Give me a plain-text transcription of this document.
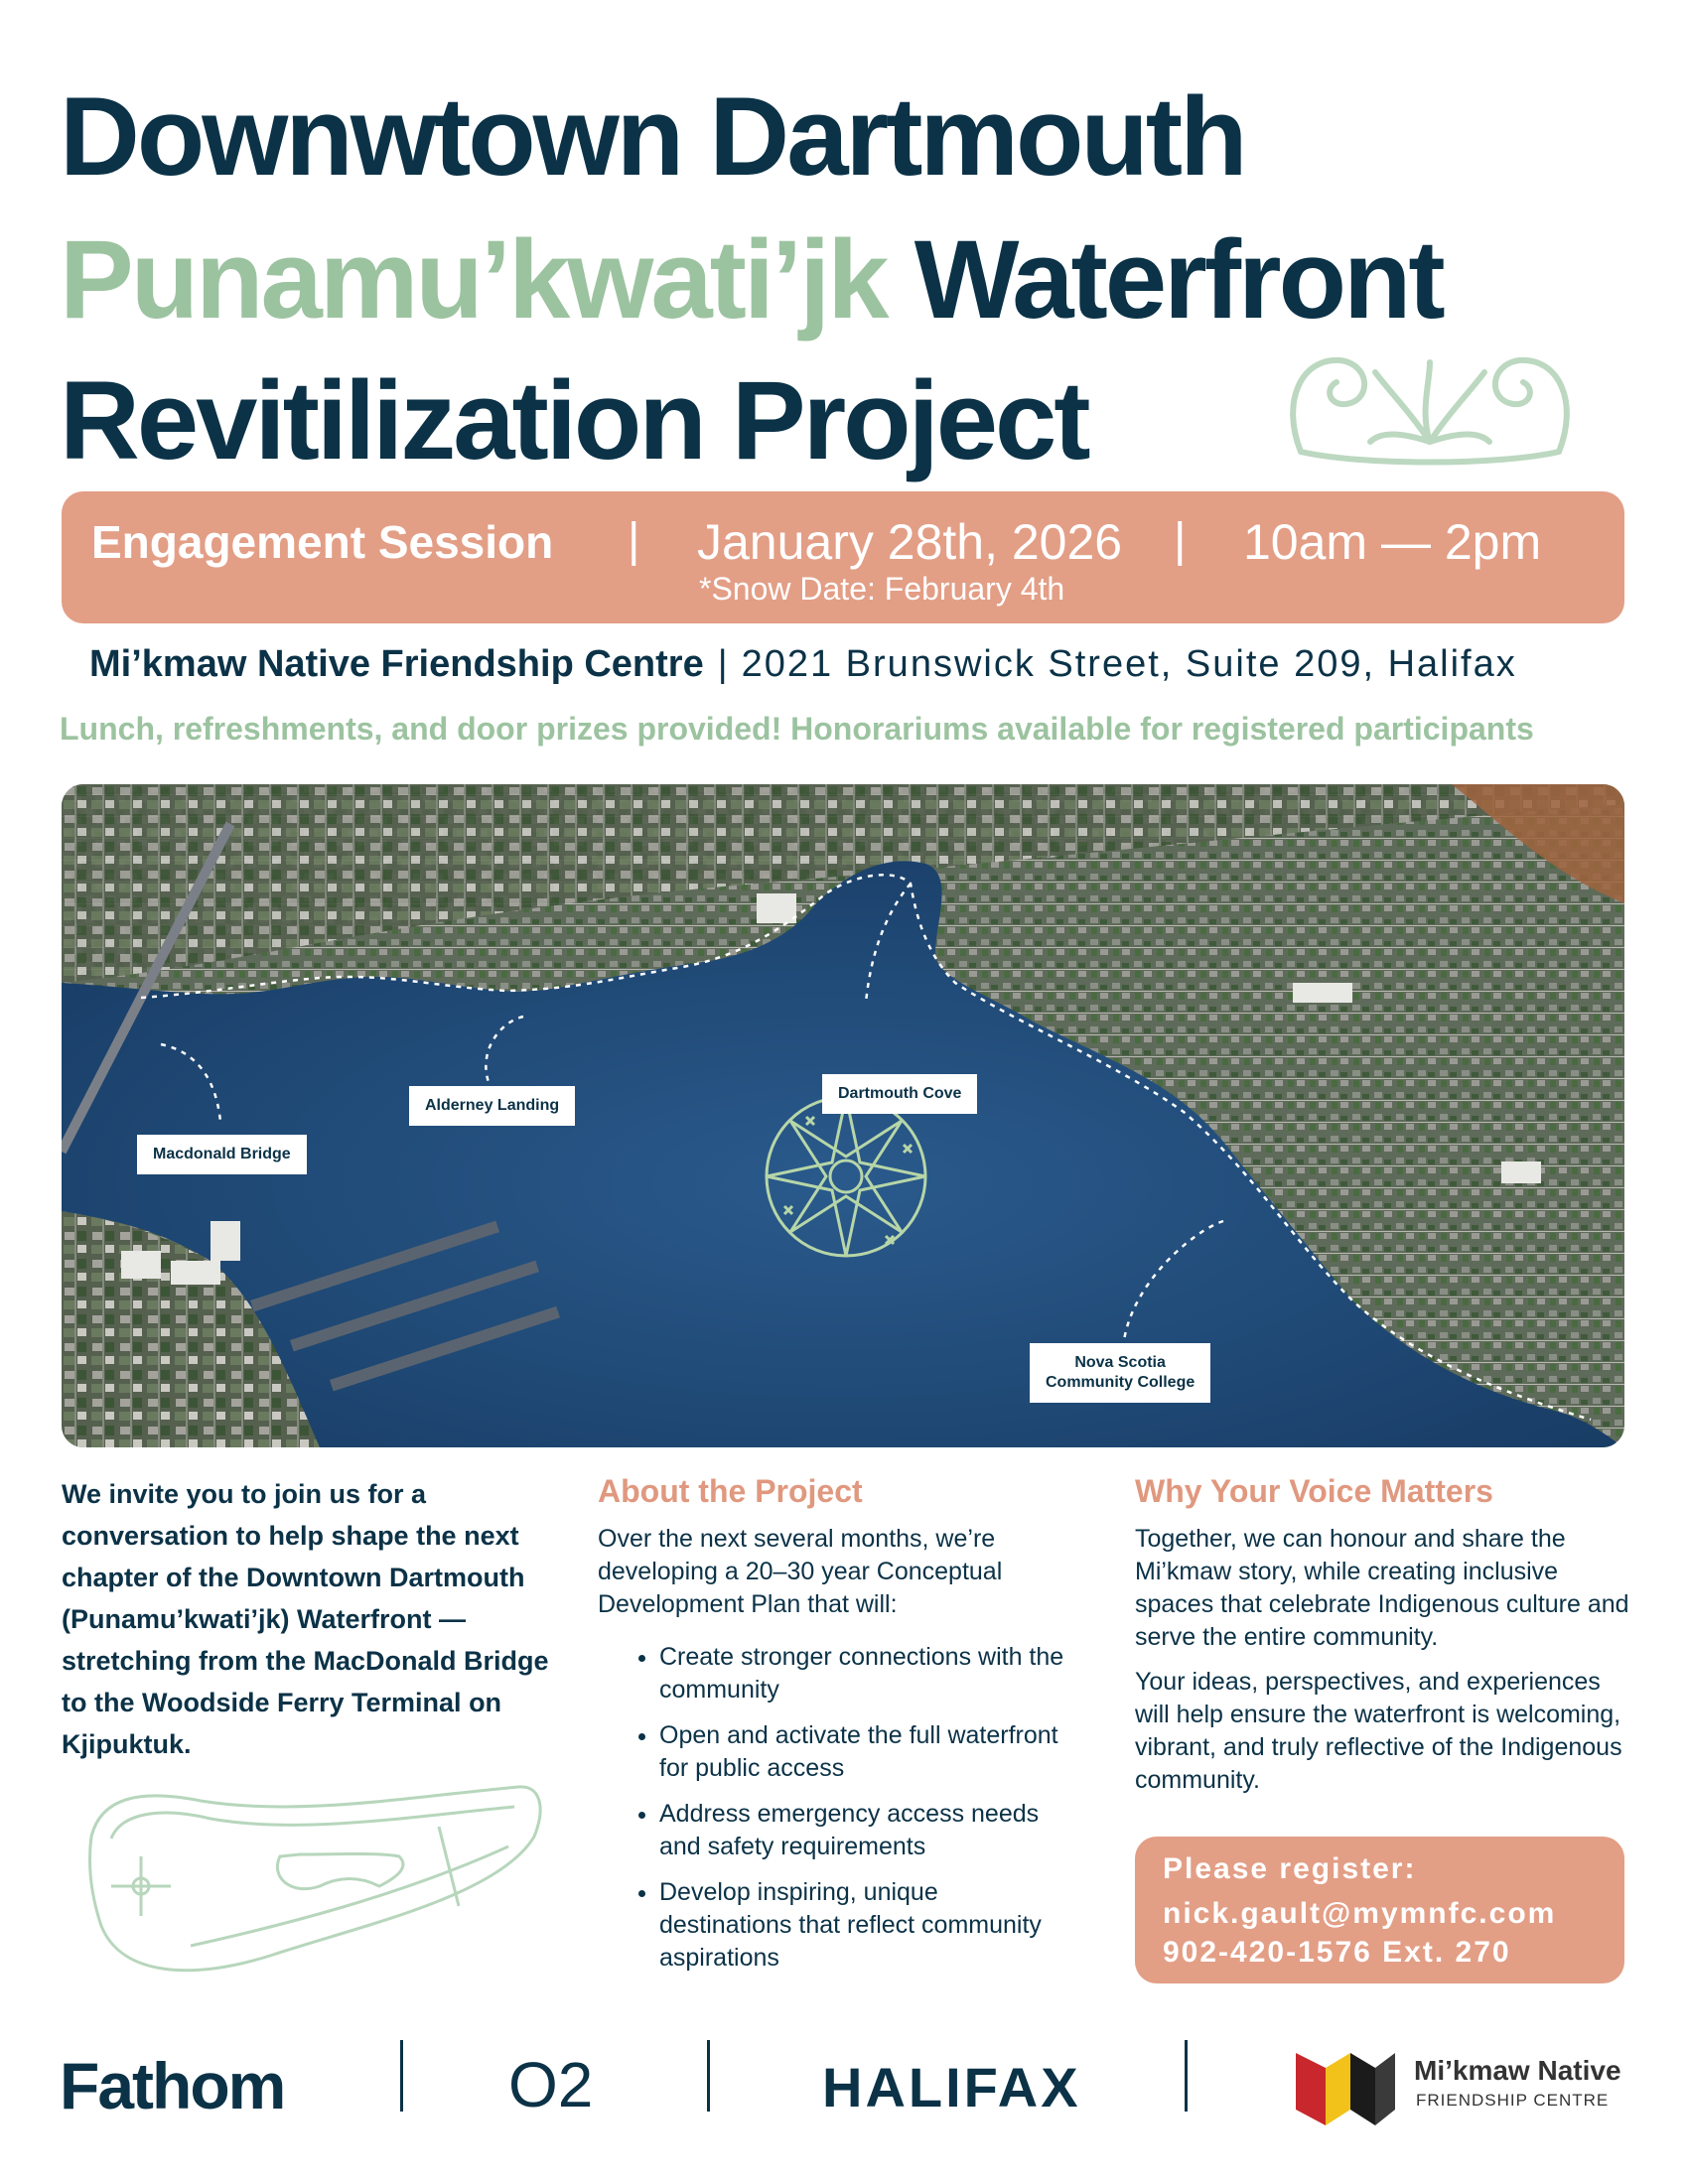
Downwtown Dartmouth
Punamu’kwati’jk Waterfront
Revitilization Project
Engagement Session | January 28th, 2026
*Snow Date: February 4th
| 10am — 2pm
Mi’kmaw Native Friendship Centre | 2021 Brunswick Street, Suite 209, Halifax
Lunch, refreshments, and door prizes provided! Honorariums available for registered participants
Macdonald Bridge
Alderney Landing
Dartmouth Cove
Nova Scotia
Community College
We invite you to join us for a conversation to help shape the next chapter of the Downtown Dartmouth (Punamu’kwati’jk) Waterfront — stretching from the MacDonald Bridge to the Woodside Ferry Terminal on Kjipuktuk.
About the Project
Over the next several months, we’re developing a 20–30 year Conceptual Development Plan that will:
• Create stronger connections with the community
• Open and activate the full waterfront for public access
• Address emergency access needs and safety requirements
• Develop inspiring, unique destinations that reflect community aspirations
Why Your Voice Matters
Together, we can honour and share the Mi’kmaw story, while creating inclusive spaces that celebrate Indigenous culture and serve the entire community.
Your ideas, perspectives, and experiences will help ensure the waterfront is welcoming, vibrant, and truly reflective of the Indigenous community.
Please register:
nick.gault@mymnfc.com
902-420-1576 Ext. 270
Fathom	O2	HALIFAX	Mi’kmaw Native
FRIENDSHIP CENTRE
